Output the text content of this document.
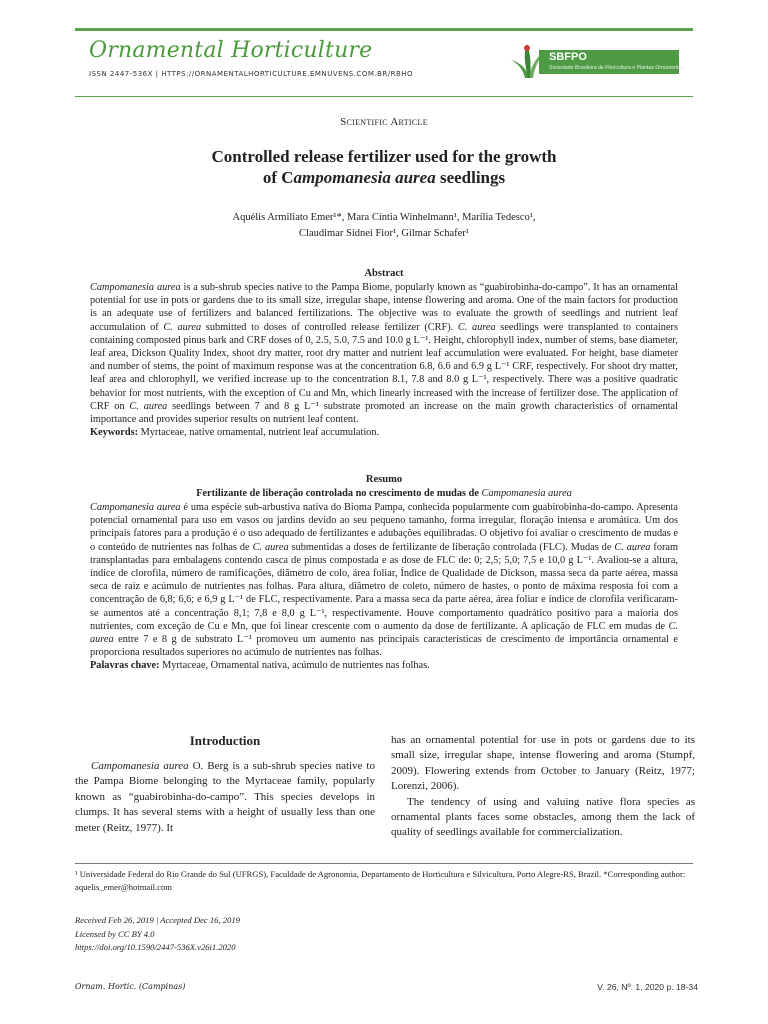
Ornamental Horticulture
ISSN 2447-536X | HTTPS://ORNAMENTALHORTICULTURE.EMNUVENS.COM.BR/RBHO
SBFPO
Sociedade Brasileira de Floricultura e Plantas Ornamentais
Scientific Article
Controlled release fertilizer used for the growth
of Campomanesia aurea seedlings
Aquélis Armiliato Emer¹*, Mara Cíntia Winhelmann¹, Marília Tedesco¹,
Claudimar Sidnei Fior¹, Gilmar Schafer¹
Abstract
Campomanesia aurea is a sub-shrub species native to the Pampa Biome, popularly known as “guabirobinha-do-campo”. It has an ornamental potential for use in pots or gardens due to its small size, irregular shape, intense flowering and aroma. One of the main factors for production is an adequate use of fertilizers and balanced fertilizations. The objective was to evaluate the growth of seedlings and nutrient leaf accumulation of C. aurea submitted to doses of controlled release fertilizer (CRF). C. aurea seedlings were transplanted to containers containing composted pinus bark and CRF doses of 0, 2.5, 5.0, 7.5 and 10.0 g L⁻¹. Height, chlorophyll index, number of stems, base diameter, leaf area, Dickson Quality Index, shoot dry matter, root dry matter and nutrient leaf accumulation were evaluated. For height, base diameter and number of stems, the point of maximum response was at the concentration 6.8, 6.6 and 6.9 g L⁻¹ CRF, respectively. For shoot dry matter, leaf area and chlorophyll, we verified increase up to the concentration 8.1, 7.8 and 8.0 g L⁻¹, respectively. There was a positive quadratic behavior for most nutrients, with the exception of Cu and Mn, which linearly increased with the increase of fertilizer dose. The application of CRF on C. aurea seedlings between 7 and 8 g L⁻¹ substrate promoted an increase on the main growth characteristics of ornamental importance and provides superior results on nutrient leaf content.
Keywords: Myrtaceae, native ornamental, nutrient leaf accumulation.
Resumo
Fertilizante de liberação controlada no crescimento de mudas de Campomanesia aurea
Campomanesia aurea é uma espécie sub-arbustiva nativa do Bioma Pampa, conhecida popularmente com guabirobinha-do-campo. Apresenta potencial ornamental para uso em vasos ou jardins devido ao seu pequeno tamanho, forma irregular, floração intensa e aromática. Um dos principais fatores para a produção é o uso adequado de fertilizantes e adubações equilibradas. O objetivo foi avaliar o crescimento de mudas e o conteúdo de nutrientes nas folhas de C. aurea submentidas a doses de fertilizante de liberação controlada (FLC). Mudas de C. aurea foram transplantadas para embalagens contendo casca de pinus compostada e as dose de FLC de: 0; 2,5; 5,0; 7,5 e 10,0 g L⁻¹. Avaliou-se a altura, índice de clorofila, número de ramificações, diâmetro de colo, área foliar, Índice de Qualidade de Dickson, massa seca da parte aérea, massa seca de raiz e acúmulo de nutrientes nas folhas. Para altura, diâmetro de coleto, número de hastes, o ponto de máxima resposta foi com a concentração de 6,8; 6,6; e 6,9 g L⁻¹ de FLC, respectivamente. Para a massa seca da parte aérea, área foliar e índice de clorofila verificaram-se aumentos até a concentração 8,1; 7,8 e 8,0 g L⁻¹, respectivamente. Houve comportamento quadrático positivo para a maioria dos nutrientes, com exceção de Cu e Mn, que foi linear crescente com o aumento da dose de fertilizante. A aplicação de FLC em mudas de C. aurea entre 7 e 8 g de substrato L⁻¹ promoveu um aumento nas principais características de crescimento de importância ornamental e proporciona resultados superiores no acúmulo de nutrientes nas folhas.
Palavras chave: Myrtaceae, Ornamental nativa, acúmulo de nutrientes nas folhas.
Introduction

Campomanesia aurea O. Berg is a sub-shrub species native to the Pampa Biome belonging to the Myrtaceae family, popularly known as “guabirobinha-do-campo”. This species develops in clumps. It has several stems with a height of usually less than one meter (Reitz, 1977). It

has an ornamental potential for use in pots or gardens due to its small size, irregular shape, intense flowering and aroma (Stumpf, 2009). Flowering extends from October to January (Reitz, 1977; Lorenzi, 2006).

The tendency of using and valuing native flora species as ornamental plants faces some obstacles, among them the lack of quality of seedlings available for commercialization.

¹ Universidade Federal do Rio Grande do Sul (UFRGS), Faculdade de Agronomia, Departamento de Horticultura e Silvicultura, Porto Alegre-RS, Brazil. *Corresponding author: aquelis_emer@hotmail.com
Received Feb 26, 2019 | Accepted Dec 16, 2019
Licensed by CC BY 4.0
https://doi.org/10.1590/2447-536X.v26i1.2020
Ornam. Hortic. (Campinas)	V. 26, Nº. 1, 2020 p. 18-34
